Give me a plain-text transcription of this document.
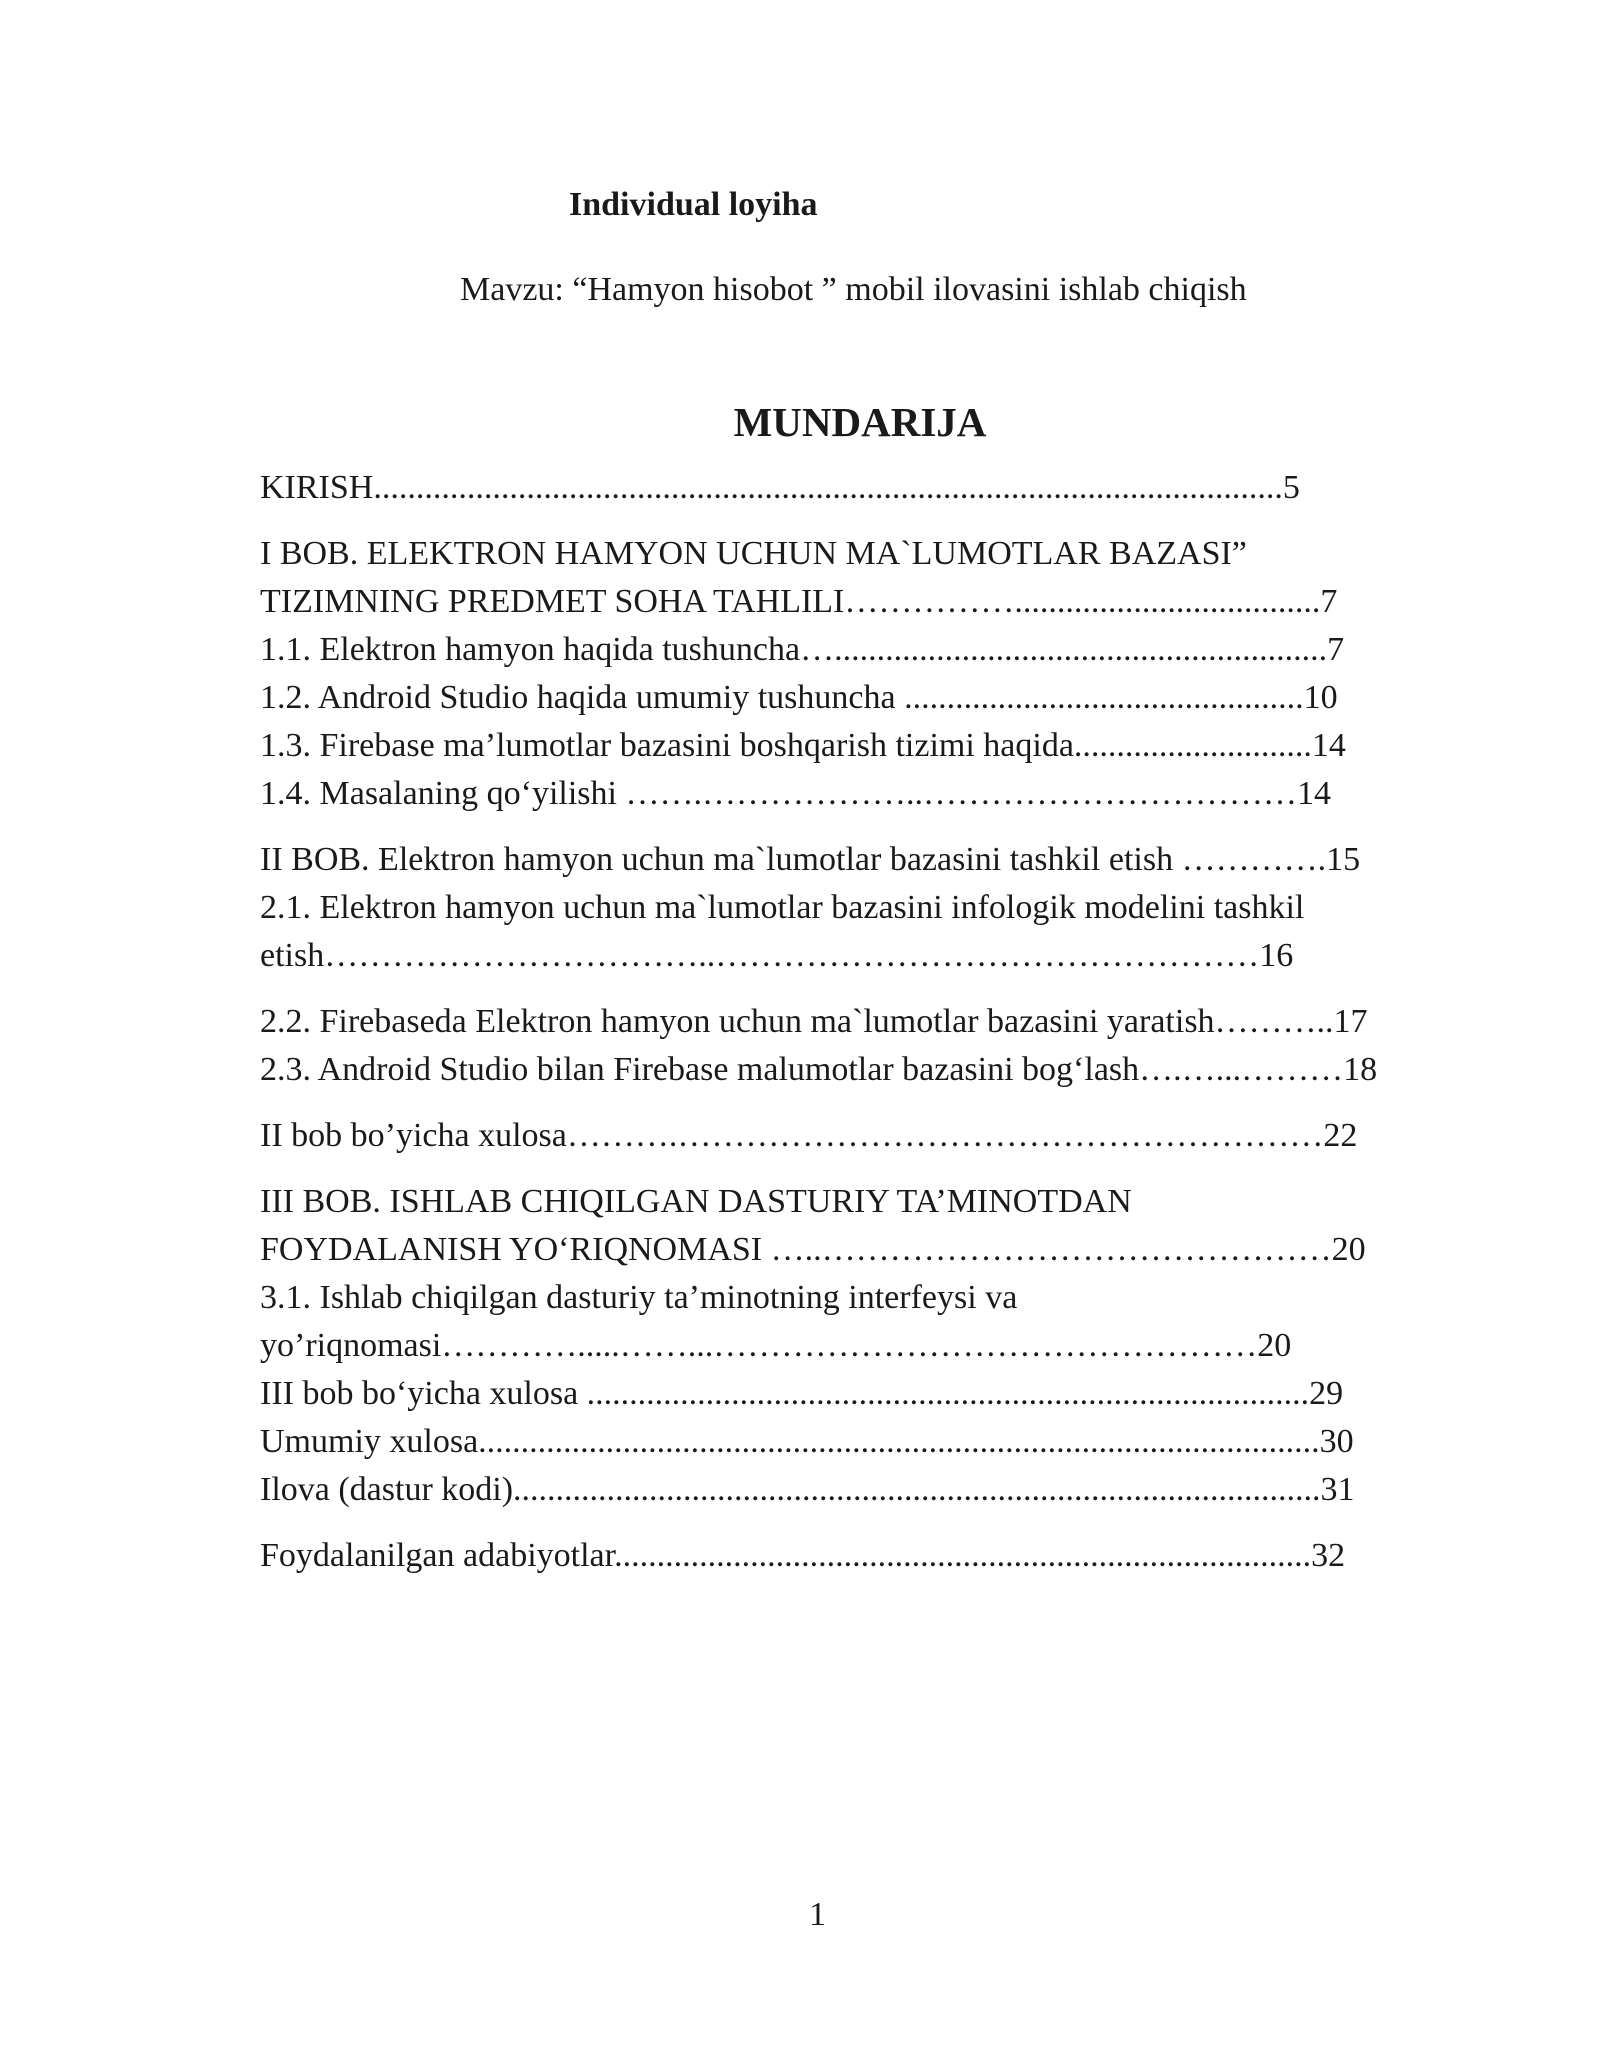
Individual loyiha

Mavzu: “Hamyon hisobot ” mobil ilovasini ishlab chiqish

MUNDARIJA

KIRISH...........................................................................................................5

I BOB. ELEKTRON HAMYON UCHUN MA`LUMOTLAR BAZASI”

TIZIMNING PREDMET SOHA TAHLILI……………....................................7

1.1. Elektron hamyon haqida tushuncha…..........................................................7

1.2. Android Studio haqida umumiy tushuncha ...............................................10

1.3. Firebase ma’lumotlar bazasini boshqarish tizimi haqida............................14

1.4. Masalaning qo‘yilishi …….………………..……………………………14

II BOB. Elektron hamyon uchun ma`lumotlar bazasini tashkil etish ………….15

2.1. Elektron hamyon uchun ma`lumotlar bazasini infologik modelini tashkil

etish……………………………..…………………………………………16

2.2. Firebaseda Elektron hamyon uchun ma`lumotlar bazasini yaratish………..17

2.3. Android Studio bilan Firebase malumotlar bazasini bog‘lash….…...………18

II bob bo’yicha xulosa……….…………………………………………………22

III BOB. ISHLAB CHIQILGAN DASTURIY TA’MINOTDAN

FOYDALANISH YO‘RIQNOMASI …..………………………………………20

3.1. Ishlab chiqilgan dasturiy ta’minotning interfeysi va

yo’riqnomasi………….....……...…………………………………………20

III bob bo‘yicha xulosa .....................................................................................29

Umumiy xulosa...................................................................................................30

Ilova (dastur kodi)...............................................................................................31

Foydalanilgan adabiyotlar..................................................................................32

1
